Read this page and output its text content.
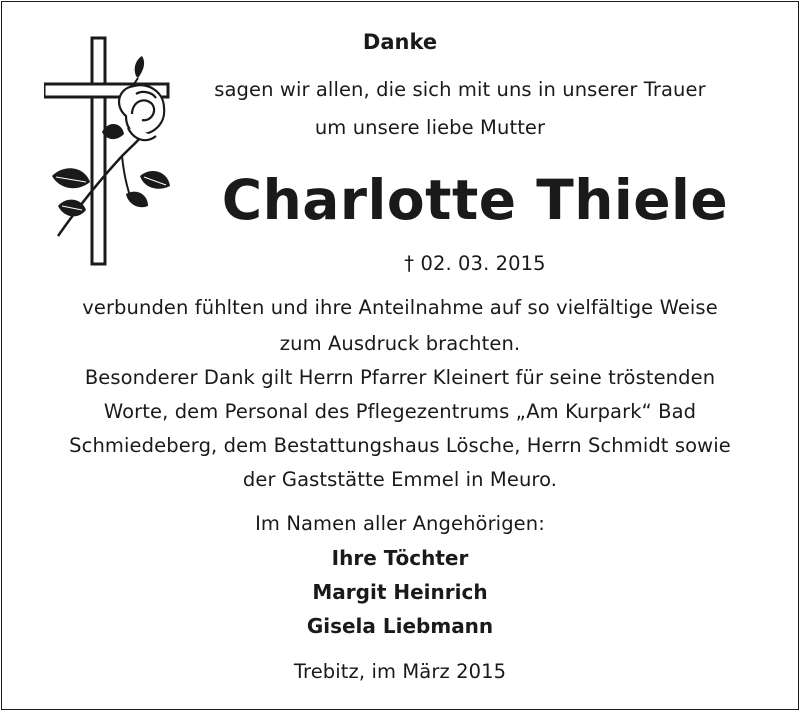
Danke
sagen wir allen, die sich mit uns in unserer Trauer
um unsere liebe Mutter
Charlotte Thiele
† 02. 03. 2015
verbunden fühlten und ihre Anteilnahme auf so vielfältige Weise
zum Ausdruck brachten.
Besonderer Dank gilt Herrn Pfarrer Kleinert für seine tröstenden
Worte, dem Personal des Pflegezentrums „Am Kurpark“ Bad
Schmiedeberg, dem Bestattungshaus Lösche, Herrn Schmidt sowie
der Gaststätte Emmel in Meuro.
Im Namen aller Angehörigen:
Ihre Töchter
Margit Heinrich
Gisela Liebmann
Trebitz, im März 2015
